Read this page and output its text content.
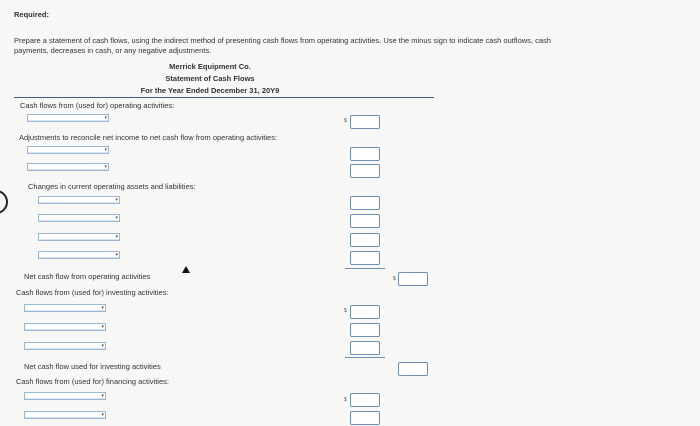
Required:
Prepare a statement of cash flows, using the indirect method of presenting cash flows from operating activities. Use the minus sign to indicate cash outflows, cash
payments, decreases in cash, or any negative adjustments.
Merrick Equipment Co.
Statement of Cash Flows
For the Year Ended December 31, 20Y9
Cash flows from (used for) operating activities:
▾	$
Adjustments to reconcile net income to net cash flow from operating activities:
▾
▾
Changes in current operating assets and liabilities:
▾
▾
▾
▾
Net cash flow from operating activities	$
Cash flows from (used for) investing activities:
▾
▾
▾
$
Net cash flow used for investing activities
Cash flows from (used for) financing activities:
▾
▾
$
